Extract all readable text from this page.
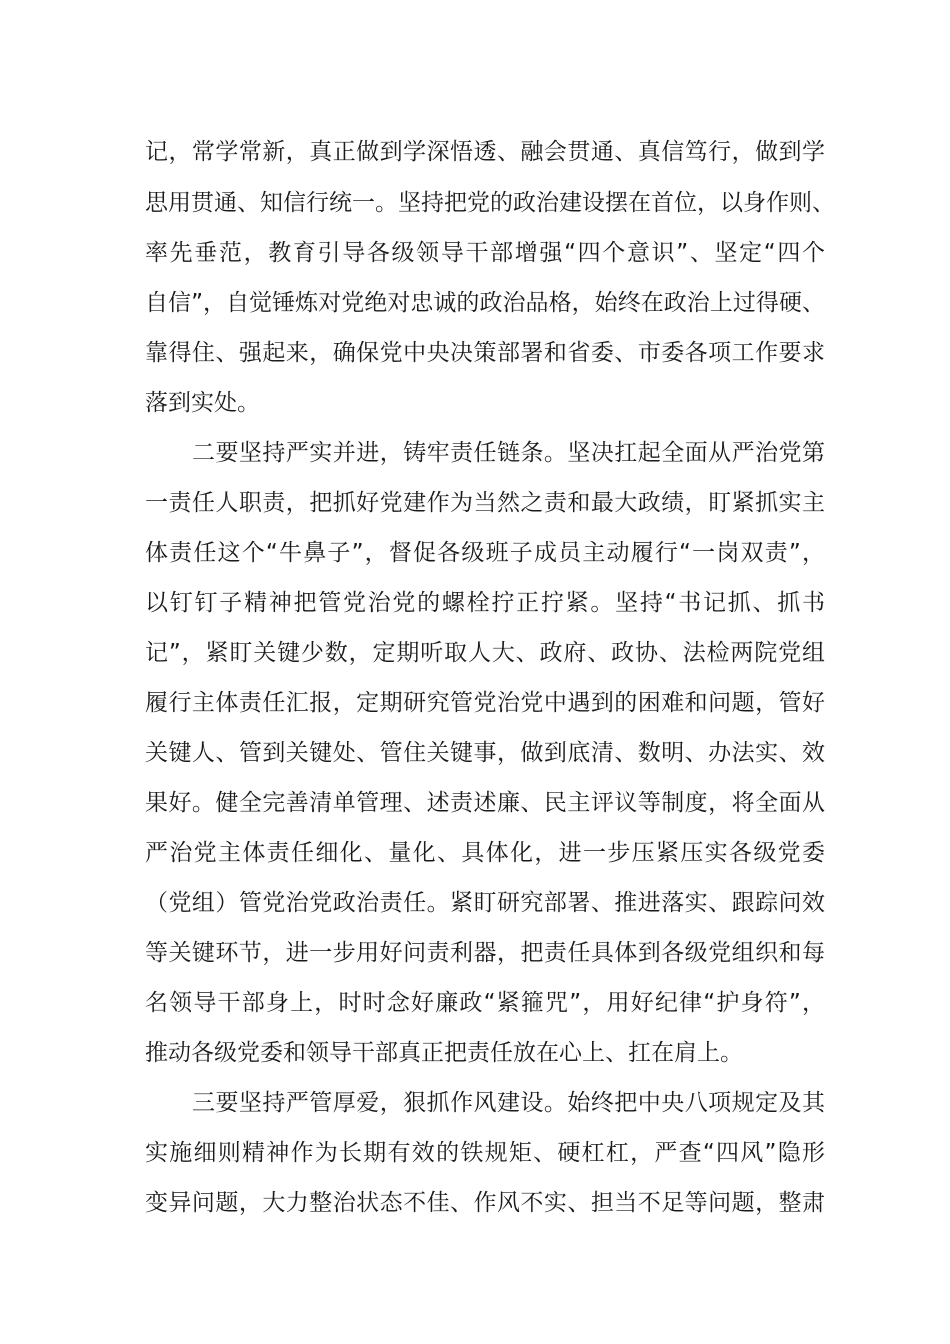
记，常学常新，真正做到学深悟透、融会贯通、真信笃行，做到学
思用贯通、知信行统一。坚持把党的政治建设摆在首位，以身作则、
率先垂范，教育引导各级领导干部增强“四个意识”、坚定“四个
自信”，自觉锤炼对党绝对忠诚的政治品格，始终在政治上过得硬、
靠得住、强起来，确保党中央决策部署和省委、市委各项工作要求
落到实处。
二要坚持严实并进，铸牢责任链条。坚决扛起全面从严治党第
一责任人职责，把抓好党建作为当然之责和最大政绩，盯紧抓实主
体责任这个“牛鼻子”，督促各级班子成员主动履行“一岗双责”，
以钉钉子精神把管党治党的螺栓拧正拧紧。坚持“书记抓、抓书
记”，紧盯关键少数，定期听取人大、政府、政协、法检两院党组
履行主体责任汇报，定期研究管党治党中遇到的困难和问题，管好
关键人、管到关键处、管住关键事，做到底清、数明、办法实、效
果好。健全完善清单管理、述责述廉、民主评议等制度，将全面从
严治党主体责任细化、量化、具体化，进一步压紧压实各级党委
（党组）管党治党政治责任。紧盯研究部署、推进落实、跟踪问效
等关键环节，进一步用好问责利器，把责任具体到各级党组织和每
名领导干部身上，时时念好廉政“紧箍咒”，用好纪律“护身符”，
推动各级党委和领导干部真正把责任放在心上、扛在肩上。
三要坚持严管厚爱，狠抓作风建设。始终把中央八项规定及其
实施细则精神作为长期有效的铁规矩、硬杠杠，严查“四风”隐形
变异问题，大力整治状态不佳、作风不实、担当不足等问题，整肃
